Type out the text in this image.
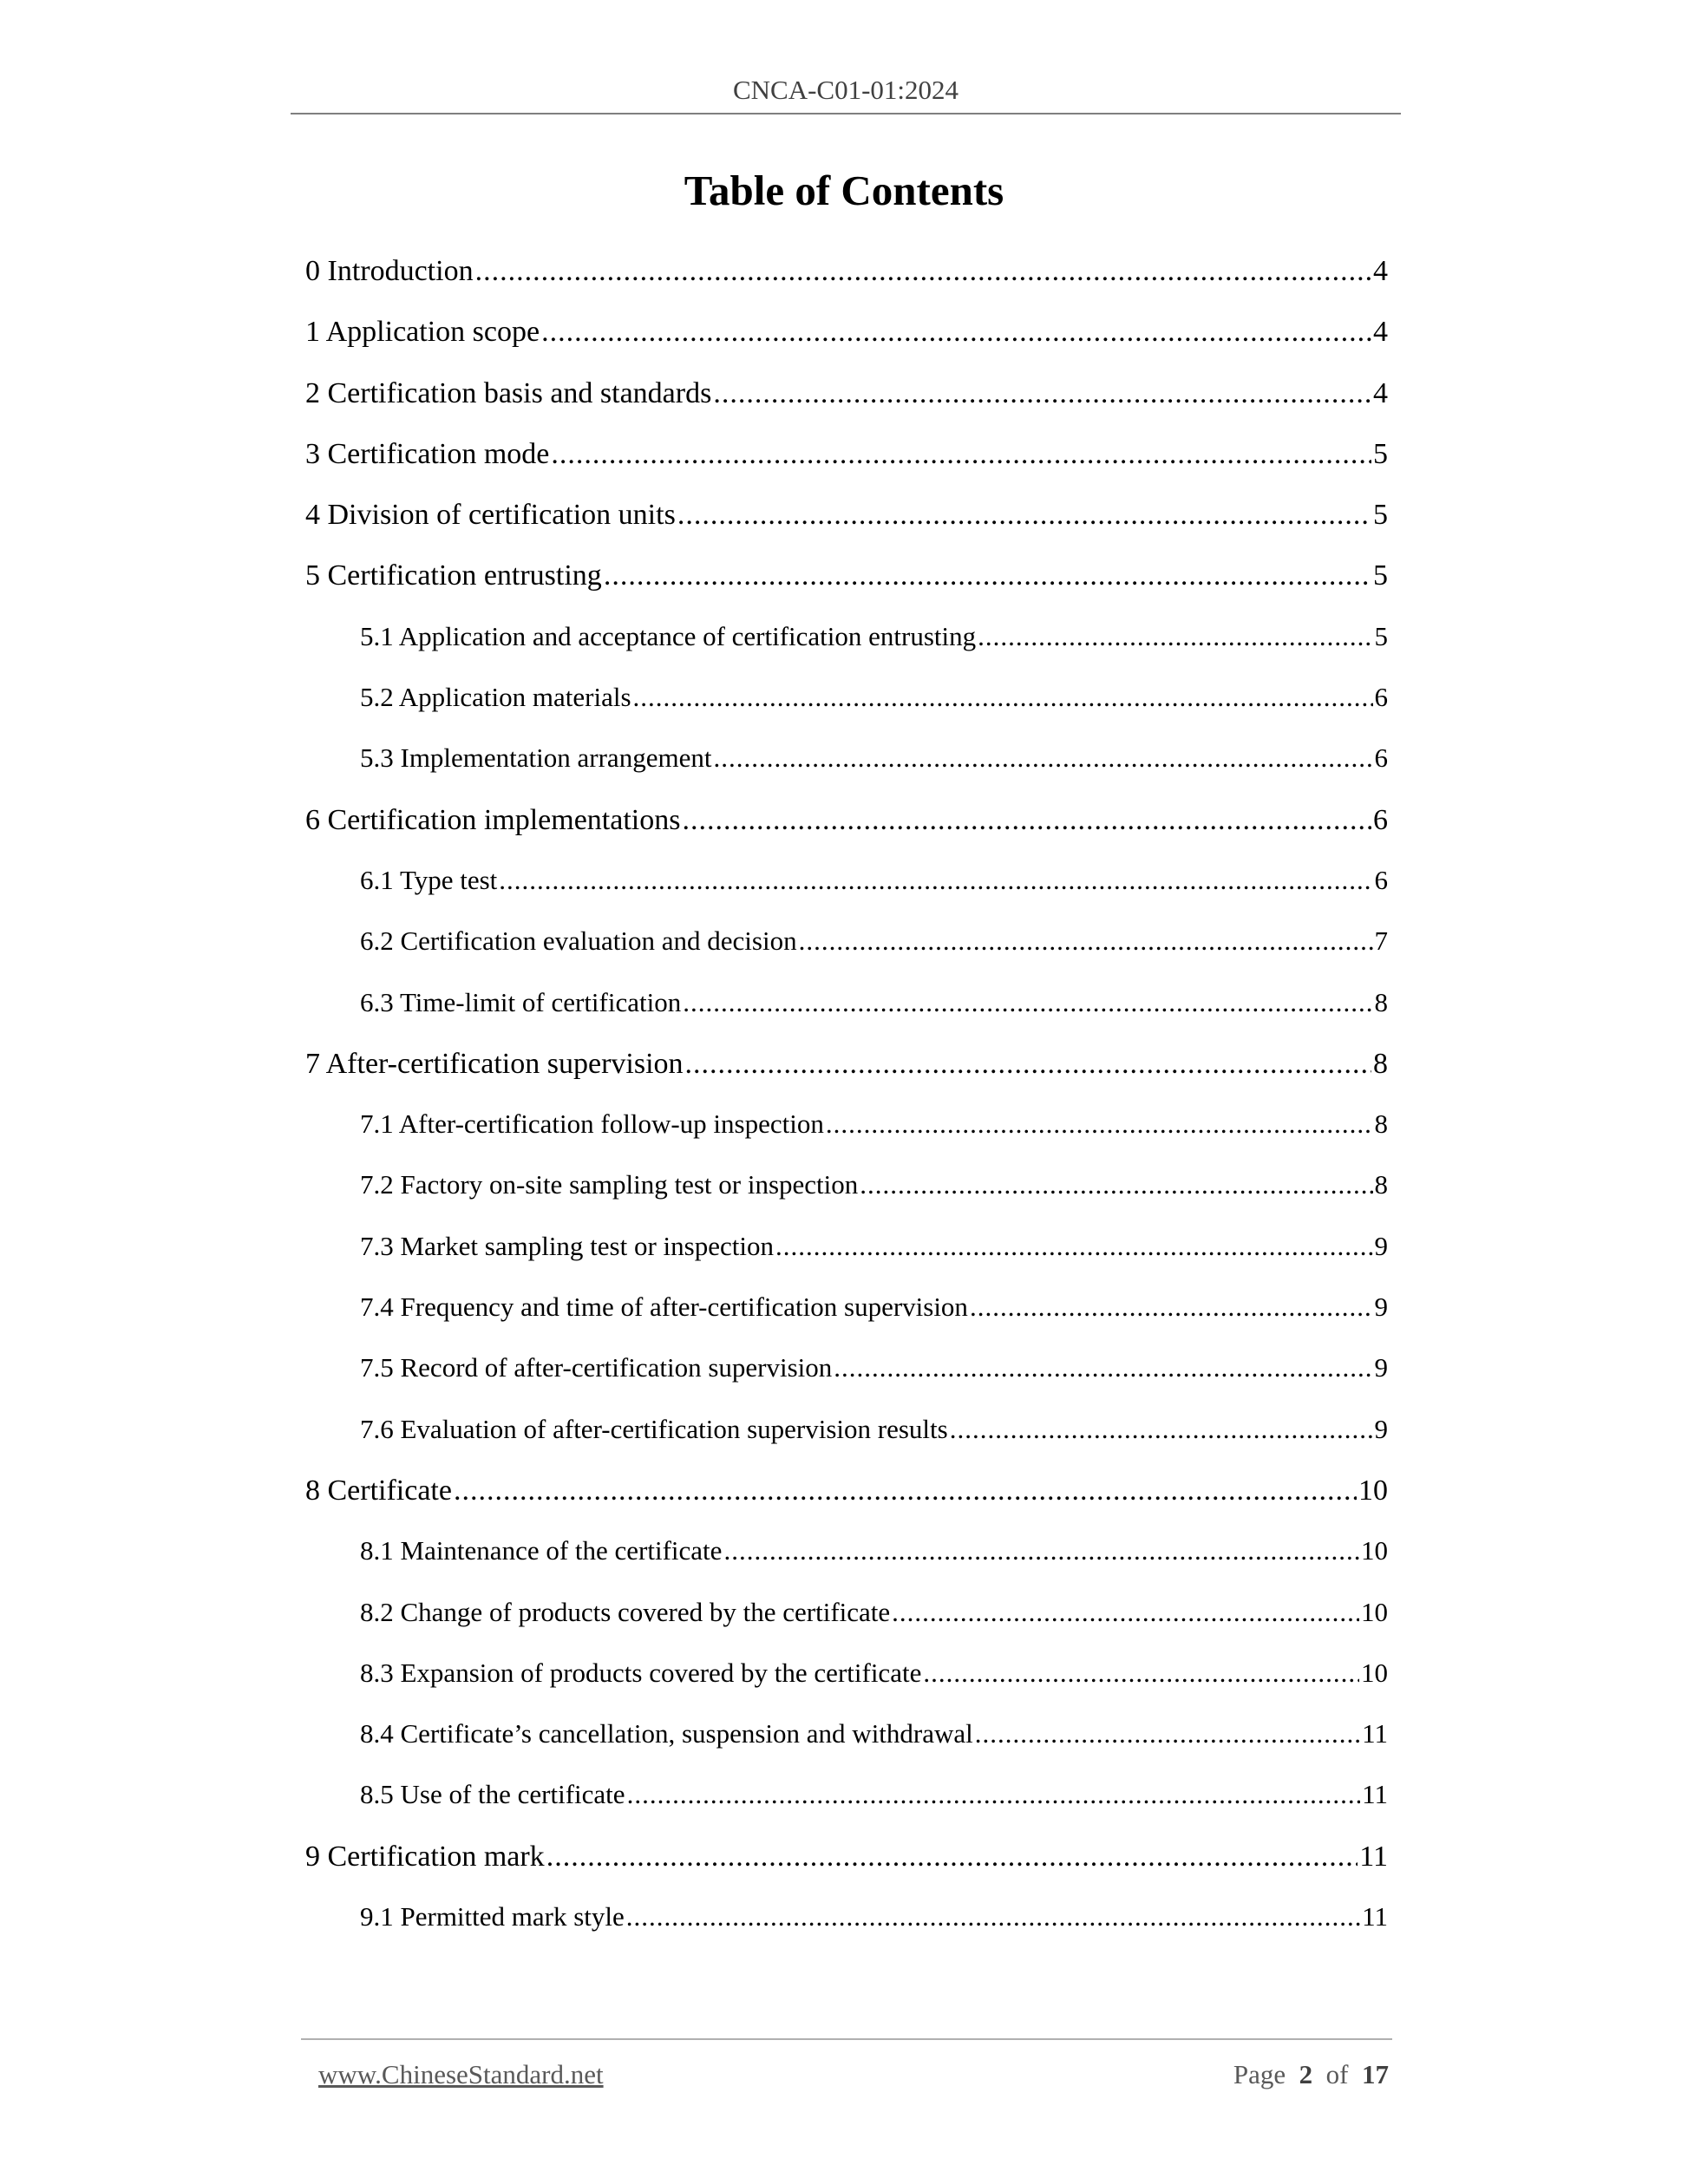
CNCA-C01-01:2024
Table of Contents
0 Introduction .....	4
1 Application scope .....	4
2 Certification basis and standards .....	4
3 Certification mode .....	5
4 Division of certification units .....	5
5 Certification entrusting .....	5
5.1 Application and acceptance of certification entrusting .....	5
5.2 Application materials .....	6
5.3 Implementation arrangement .....	6
6 Certification implementations .....	6
6.1 Type test .....	6
6.2 Certification evaluation and decision .....	7
6.3 Time-limit of certification .....	8
7 After-certification supervision .....	8
7.1 After-certification follow-up inspection .....	8
7.2 Factory on-site sampling test or inspection .....	8
7.3 Market sampling test or inspection .....	9
7.4 Frequency and time of after-certification supervision .....	9
7.5 Record of after-certification supervision .....	9
7.6 Evaluation of after-certification supervision results .....	9
8 Certificate .....	10
8.1 Maintenance of the certificate .....	10
8.2 Change of products covered by the certificate .....	10
8.3 Expansion of products covered by the certificate .....	10
8.4 Certificate’s cancellation, suspension and withdrawal .....	11
8.5 Use of the certificate .....	11
9 Certification mark .....	11
9.1 Permitted mark style .....	11
www.ChineseStandard.net	Page 2 of 17
